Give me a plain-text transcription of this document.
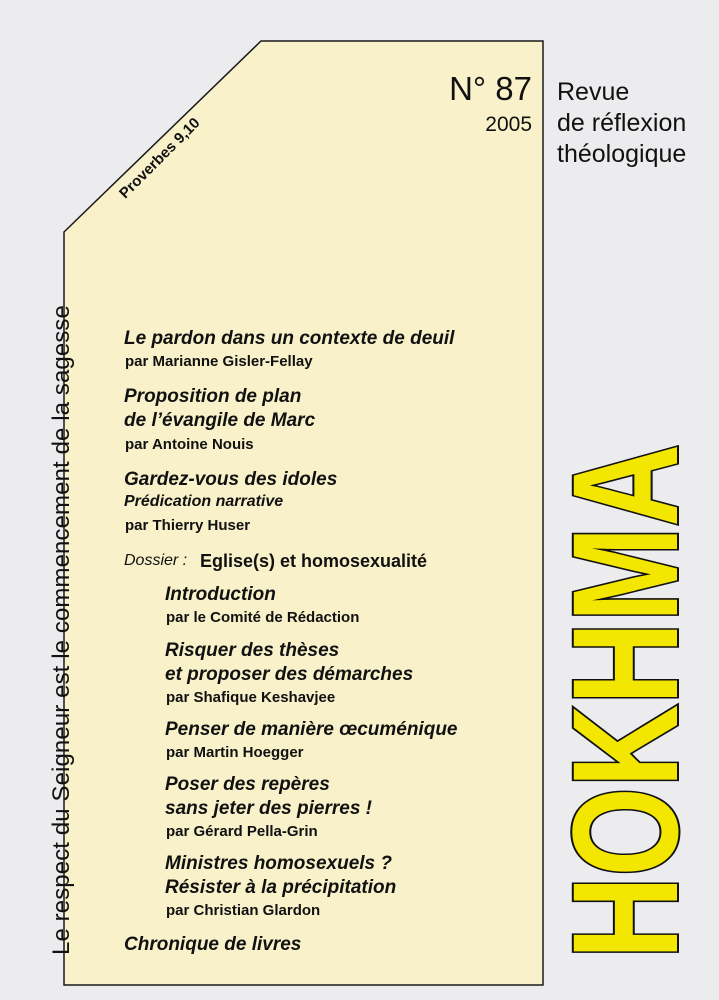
N° 87
2005
Revue
de réflexion
théologique
Proverbes 9,10
Le respect du Seigneur est le commencement de la sagesse	HOKHMA
Le pardon dans un contexte de deuil
par Marianne Gisler-Fellay
Proposition de plan
de l’évangile de Marc
par Antoine Nouis
Gardez-vous des idoles
Prédication narrative
par Thierry Huser
Dossier : Eglise(s) et homosexualité
Introduction
par le Comité de Rédaction
Risquer des thèses
et proposer des démarches
par Shafique Keshavjee
Penser de manière œcuménique
par Martin Hoegger
Poser des repères
sans jeter des pierres !
par Gérard Pella-Grin
Ministres homosexuels ?
Résister à la précipitation
par Christian Glardon
Chronique de livres
